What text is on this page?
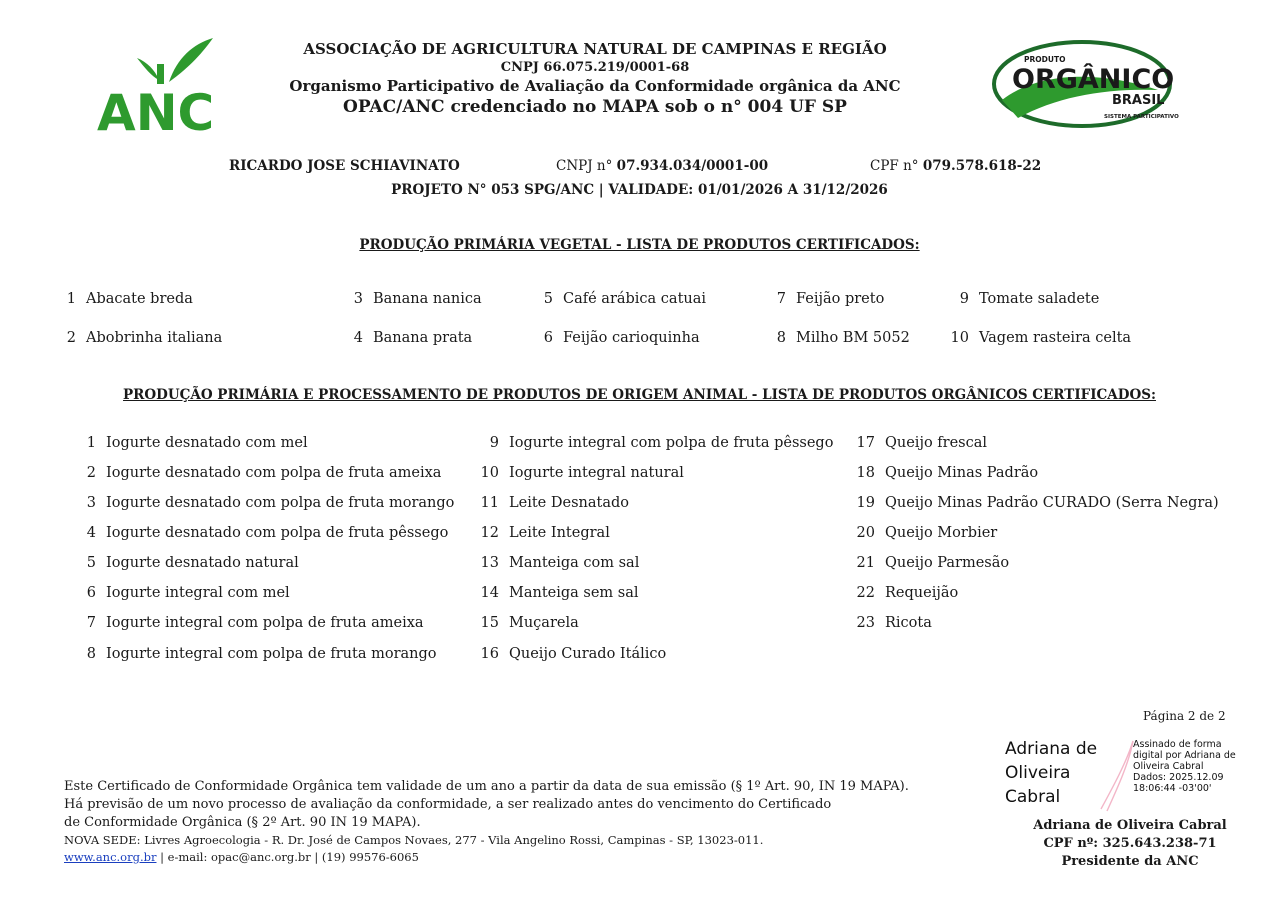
ANC
ASSOCIAÇÃO DE AGRICULTURA NATURAL DE CAMPINAS E REGIÃO
CNPJ 66.075.219/0001-68
Organismo Participativo de Avaliação da Conformidade orgânica da ANC
OPAC/ANC credenciado no MAPA sob o n° 004 UF SP
PRODUTO
ORGÂNICO
BRASIL
SISTEMA PARTICIPATIVO
RICARDO JOSE SCHIAVINATO	CNPJ n° 07.934.034/0001-00	CPF n° 079.578.618-22
PROJETO N° 053 SPG/ANC | VALIDADE: 01/01/2026 A 31/12/2026
PRODUÇÃO PRIMÁRIA VEGETAL - LISTA DE PRODUTOS CERTIFICADOS:
1 Abacate breda
2 Abobrinha italiana
3 Banana nanica
4 Banana prata
5 Café arábica catuai
6 Feijão carioquinha
7 Feijão preto
8 Milho BM 5052
9 Tomate saladete
10 Vagem rasteira celta
PRODUÇÃO PRIMÁRIA E PROCESSAMENTO DE PRODUTOS DE ORIGEM ANIMAL - LISTA DE PRODUTOS ORGÂNICOS CERTIFICADOS:
1 Iogurte desnatado com mel
2 Iogurte desnatado com polpa de fruta ameixa
3 Iogurte desnatado com polpa de fruta morango
4 Iogurte desnatado com polpa de fruta pêssego
5 Iogurte desnatado natural
6 Iogurte integral com mel
7 Iogurte integral com polpa de fruta ameixa
8 Iogurte integral com polpa de fruta morango
9 Iogurte integral com polpa de fruta pêssego
10 Iogurte integral natural
11 Leite Desnatado
12 Leite Integral
13 Manteiga com sal
14 Manteiga sem sal
15 Muçarela
16 Queijo Curado Itálico
17 Queijo frescal
18 Queijo Minas Padrão
19 Queijo Minas Padrão CURADO (Serra Negra)
20 Queijo Morbier
21 Queijo Parmesão
22 Requeijão
23 Ricota
Página 2 de 2
Este Certificado de Conformidade Orgânica tem validade de um ano a partir da data de sua emissão (§ 1º Art. 90, IN 19 MAPA).
Há previsão de um novo processo de avaliação da conformidade, a ser realizado antes do vencimento do Certificado
de Conformidade Orgânica (§ 2º Art. 90 IN 19 MAPA).
NOVA SEDE: Livres Agroecologia - R. Dr. José de Campos Novaes, 277 - Vila Angelino Rossi, Campinas - SP, 13023-011.
www.anc.org.br | e-mail: opac@anc.org.br | (19) 99576-6065
Adriana de
Oliveira
Cabral
Assinado de forma
digital por Adriana de
Oliveira Cabral
Dados: 2025.12.09
18:06:44 -03'00'
Adriana de Oliveira Cabral
CPF nº: 325.643.238-71
Presidente da ANC
